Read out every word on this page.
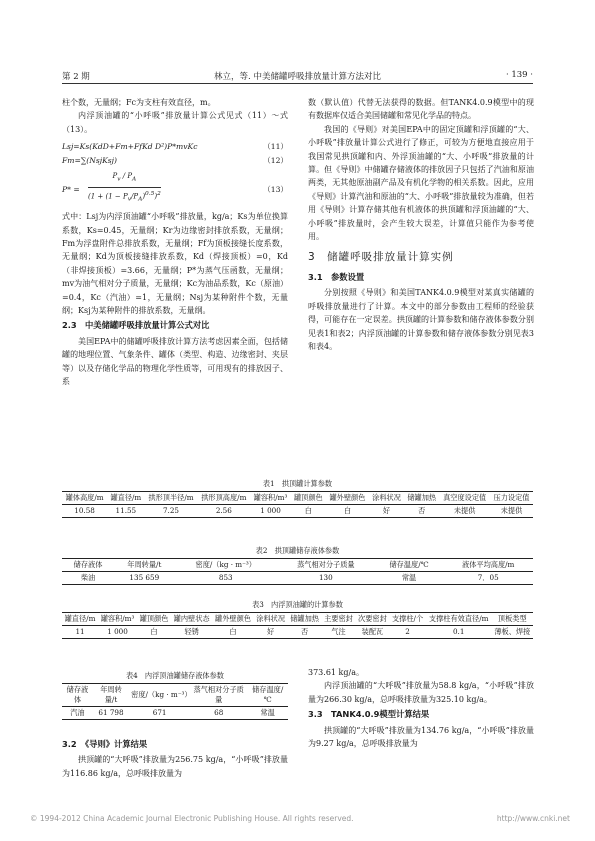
第 2 期	林立，等. 中美储罐呼吸排放量计算方法对比	· 139 ·

柱个数，无量纲；Fc为支柱有效直径，m。

内浮顶油罐的“小呼吸”排放量计算公式见式（11）～式（13）。

Lsj=Ks(KdD+Fm+FfKd D²)P*mvKc	（11）
Fm=∑(NsjKsj)	（12）
$P* = \frac{P_v / P_A}{(1 + (1 - P_v/P_A)^{0.5})^2}$	（13）

式中：Lsj为内浮顶油罐“小呼吸”排放量，kg/a；Ks为单位换算系数，Ks=0.45，无量纲；Kr为边缘密封排放系数，无量纲；Fm为浮盘附件总排放系数，无量纲；Ff为顶板接缝长度系数，无量纲；Kd为顶板接缝排放系数，Kd（焊接顶板）=0，Kd（非焊接顶板）=3.66，无量纲；P*为蒸气压函数，无量纲；mv为油气相对分子质量，无量纲；Kc为油品系数，Kc（原油）=0.4，Kc（汽油）=1，无量纲；Nsj为某种附件个数，无量纲；Ksj为某种附件的排放系数，无量纲。

2.3　中美储罐呼吸排放量计算公式对比

美国EPA中的储罐呼吸排放计算方法考虑因素全面，包括储罐的地理位置、气象条件、罐体（类型、构造、边缘密封、夹层等）以及存储化学品的物理化学性质等，可用现有的排放因子、系

数（默认值）代替无法获得的数据。但TANK4.0.9模型中的现有数据库仅适合美国储罐和常见化学品的特点。

我国的《导则》对美国EPA中的固定顶罐和浮顶罐的“大、小呼吸”排放量计算公式进行了修正，可较为方便地直接应用于我国常见拱顶罐和内、外浮顶油罐的“大、小呼吸”排放量的计算。但《导则》中储罐存储液体的排放因子只包括了汽油和原油两类，无其他原油副产品及有机化学物的相关系数。因此，应用《导则》计算汽油和原油的“大、小呼吸”排放量较为准确，但若用《导则》计算存储其他有机液体的拱顶罐和浮顶油罐的“大、小呼吸”排放量时，会产生较大误差，计算值只能作为参考使用。

3　储罐呼吸排放量计算实例
3.1　参数设置

分别按照《导则》和美国TANK4.0.9模型对某真实储罐的呼吸排放量进行了计算。本文中的部分参数由工程师的经验获得，可能存在一定误差。拱顶罐的计算参数和储存液体参数分别见表1和表2；内浮顶油罐的计算参数和储存液体参数分别见表3和表4。

表1　拱顶罐计算参数
罐体高度/m	罐直径/m	拱形顶半径/m	拱形顶高度/m	罐容积/m³	罐顶颜色	罐外壁颜色	涂料状况	储罐加热	真空度设定值	压力设定值
10.58	11.55	7.25	2.56	1 000	白	白	好	否	未提供	未提供
表2　拱顶罐储存液体参数
储存液体	年周转量/t	密度/（kg · m⁻³）	蒸气相对分子质量	储存温度/℃	液体平均高度/m
柴油	135 659	853	130	常温	7．05
表3　内浮顶油罐的计算参数
罐直径/m	罐容积/m³	罐顶颜色	罐内壁状态	罐外壁颜色	涂料状况	储罐加热	主要密封	次要密封	支撑柱/个	支撑柱有效直径/m	顶板类型
11	1 000	白	轻锈	白	好	否	气注	装配瓦	2	0.1	薄板、焊接
表4　内浮顶油罐储存液体参数
储存液体	年周转量/t	密度/（kg · m⁻³）	蒸气相对分子质量	储存温度/℃
汽油	61 798	671	68	常温
3.2　《导则》计算结果

拱顶罐的“大呼吸”排放量为256.75 kg/a，“小呼吸”排放量为116.86 kg/a，总呼吸排放量为

373.61 kg/a。

内浮顶油罐的“大呼吸”排放量为58.8 kg/a，“小呼吸”排放量为266.30 kg/a，总呼吸排放量为325.10 kg/a。

3.3　TANK4.0.9模型计算结果

拱顶罐的“大呼吸”排放量为134.76 kg/a，“小呼吸”排放量为9.27 kg/a，总呼吸排放量为

© 1994-2012 China Academic Journal Electronic Publishing House. All rights reserved.	http://www.cnki.net
